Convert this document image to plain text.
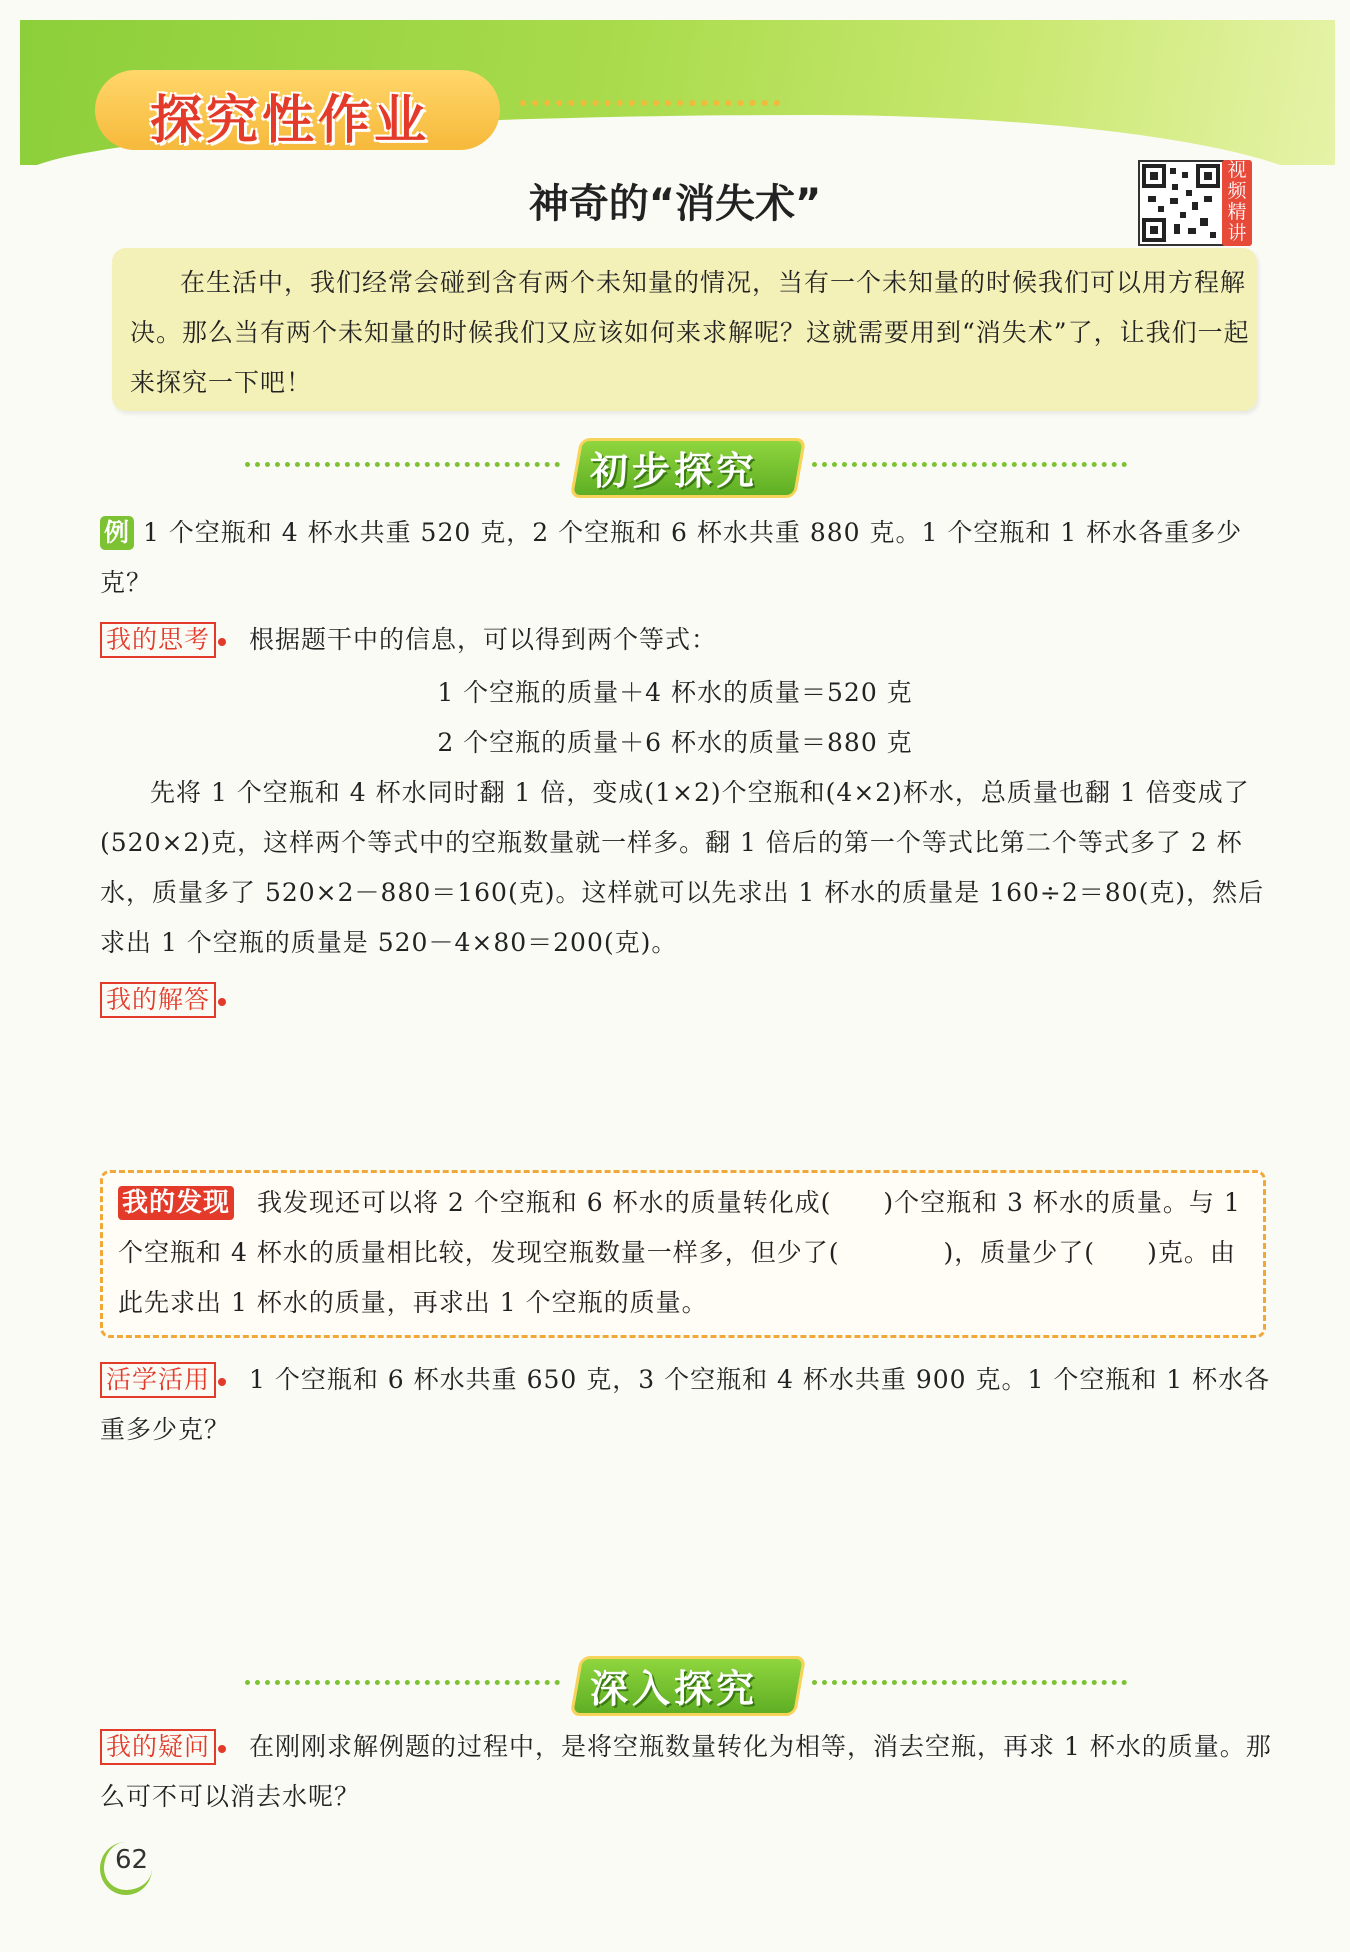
探究性作业
神奇的“消失术”
视频精讲
在生活中，我们经常会碰到含有两个未知量的情况，当有一个未知量的时候我们可以用方程解决。那么当有两个未知量的时候我们又应该如何来求解呢？这就需要用到“消失术”了，让我们一起来探究一下吧！
初步探究
例 1 个空瓶和 4 杯水共重 520 克，2 个空瓶和 6 杯水共重 880 克。1 个空瓶和 1 杯水各重多少克？
我的思考 根据题干中的信息，可以得到两个等式：
1 个空瓶的质量＋4 杯水的质量＝520 克
2 个空瓶的质量＋6 杯水的质量＝880 克
先将 1 个空瓶和 4 杯水同时翻 1 倍，变成(1×2)个空瓶和(4×2)杯水，总质量也翻 1 倍变成了(520×2)克，这样两个等式中的空瓶数量就一样多。翻 1 倍后的第一个等式比第二个等式多了 2 杯水，质量多了 520×2－880＝160(克)。这样就可以先求出 1 杯水的质量是 160÷2＝80(克)，然后求出 1 个空瓶的质量是 520－4×80＝200(克)。
我的解答
我的发现 我发现还可以将 2 个空瓶和 6 杯水的质量转化成(　　)个空瓶和 3 杯水的质量。与 1 个空瓶和 4 杯水的质量相比较，发现空瓶数量一样多，但少了(　　　　)，质量少了(　　)克。由此先求出 1 杯水的质量，再求出 1 个空瓶的质量。
活学活用 1 个空瓶和 6 杯水共重 650 克，3 个空瓶和 4 杯水共重 900 克。1 个空瓶和 1 杯水各重多少克？
深入探究
我的疑问 在刚刚求解例题的过程中，是将空瓶数量转化为相等，消去空瓶，再求 1 杯水的质量。那么可不可以消去水呢？
62
